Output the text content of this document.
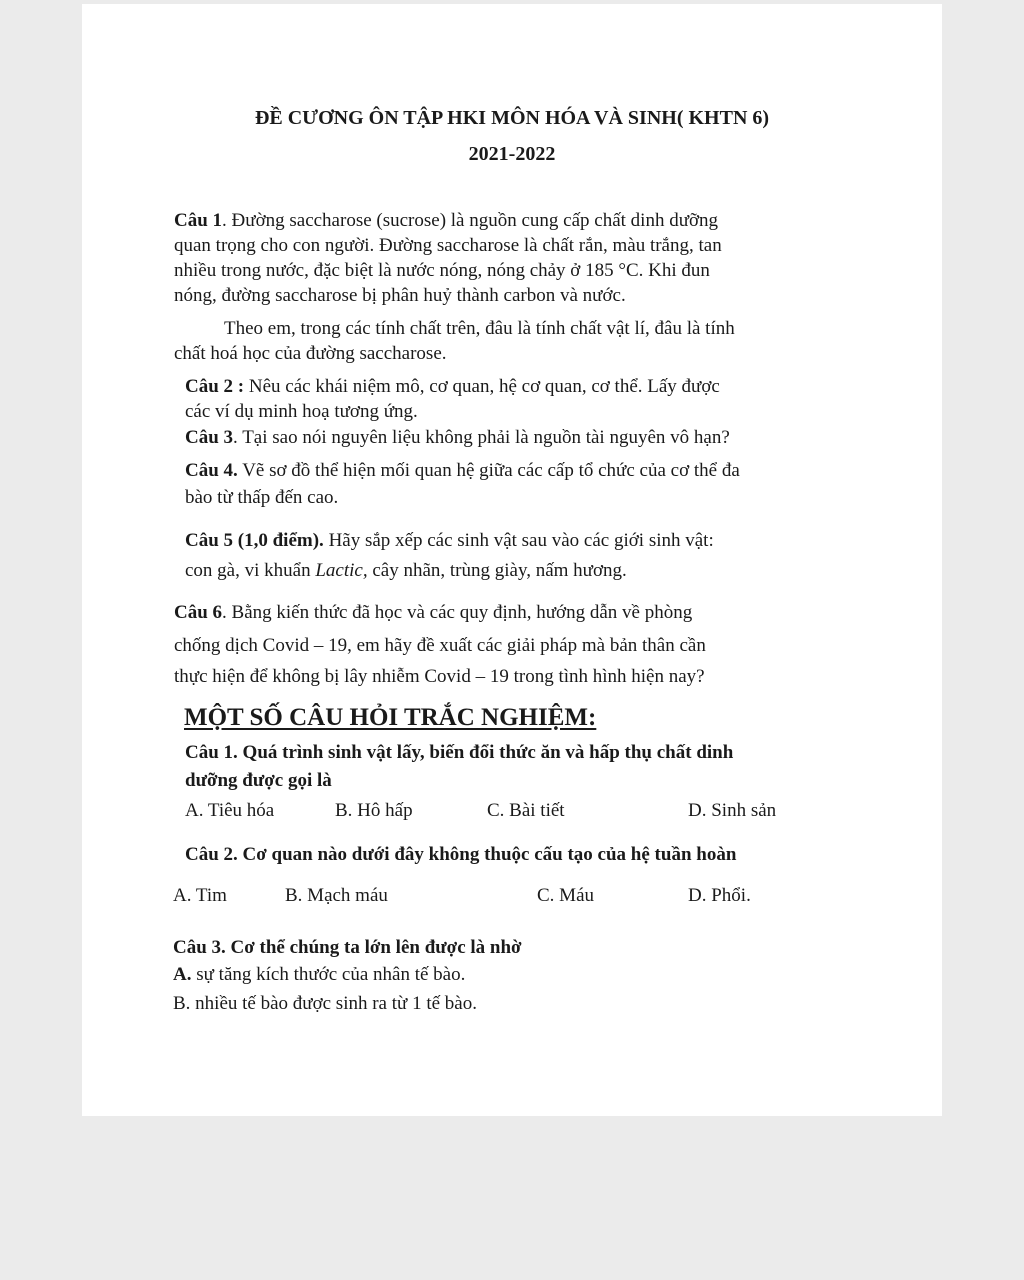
ĐỀ CƯƠNG ÔN TẬP HKI MÔN HÓA VÀ SINH( KHTN 6)
2021-2022
Câu 1. Đường saccharose (sucrose) là nguồn cung cấp chất dinh dưỡng
quan trọng cho con người. Đường saccharose là chất rắn, màu trắng, tan
nhiều trong nước, đặc biệt là nước nóng, nóng chảy ở 185 °C. Khi đun
nóng, đường saccharose bị phân huỷ thành carbon và nước.
Theo em, trong các tính chất trên, đâu là tính chất vật lí, đâu là tính
chất hoá học của đường saccharose.
Câu 2 : Nêu các khái niệm mô, cơ quan, hệ cơ quan, cơ thể. Lấy được
các ví dụ minh hoạ tương ứng.
Câu 3. Tại sao nói nguyên liệu không phải là nguồn tài nguyên vô hạn?
Câu 4. Vẽ sơ đồ thể hiện mối quan hệ giữa các cấp tổ chức của cơ thể đa
bào từ thấp đến cao.
Câu 5 (1,0 điểm). Hãy sắp xếp các sinh vật sau vào các giới sinh vật:
con gà, vi khuẩn Lactic, cây nhãn, trùng giày, nấm hương.
Câu 6. Bằng kiến thức đã học và các quy định, hướng dẫn về phòng
chống dịch Covid – 19, em hãy đề xuất các giải pháp mà bản thân cần
thực hiện để không bị lây nhiễm Covid – 19 trong tình hình hiện nay?
MỘT SỐ CÂU HỎI TRẮC NGHIỆM:
Câu 1. Quá trình sinh vật lấy, biến đổi thức ăn và hấp thụ chất dinh
dưỡng được gọi là
A. Tiêu hóa	B. Hô hấp	C. Bài tiết	D. Sinh sản
Câu 2. Cơ quan nào dưới đây không thuộc cấu tạo của hệ tuần hoàn
A. Tim	B. Mạch máu	C. Máu	D. Phổi.
Câu 3. Cơ thể chúng ta lớn lên được là nhờ
A. sự tăng kích thước của nhân tế bào.
B. nhiều tế bào được sinh ra từ 1 tế bào.
